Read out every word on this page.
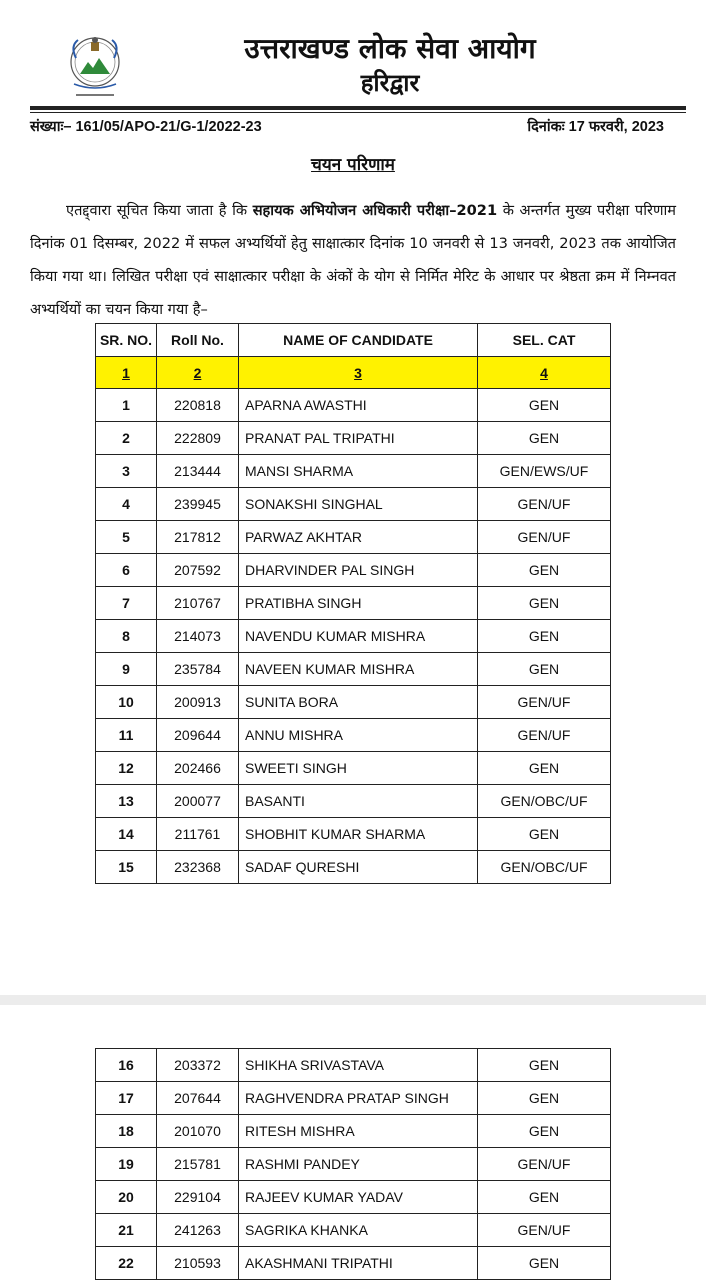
उत्तराखण्ड लोक सेवा आयोग
हरिद्वार
संख्याः– 161/05/APO-21/G-1/2022-23	दिनांकः 17 फरवरी, 2023
चयन परिणाम
एतद्द्वारा सूचित किया जाता है कि सहायक अभियोजन अधिकारी परीक्षा–2021 के अन्तर्गत मुख्य परीक्षा परिणाम दिनांक 01 दिसम्बर, 2022 में सफल अभ्यर्थियों हेतु साक्षात्कार दिनांक 10 जनवरी से 13 जनवरी, 2023 तक आयोजित किया गया था। लिखित परीक्षा एवं साक्षात्कार परीक्षा के अंकों के योग से निर्मित मेरिट के आधार पर श्रेष्ठता क्रम में निम्नवत अभ्यर्थियों का चयन किया गया है–
SR. NO.	Roll No.	NAME OF CANDIDATE	SEL. CAT
1	2	3	4
1	220818	APARNA AWASTHI	GEN
2	222809	PRANAT PAL TRIPATHI	GEN
3	213444	MANSI SHARMA	GEN/EWS/UF
4	239945	SONAKSHI SINGHAL	GEN/UF
5	217812	PARWAZ AKHTAR	GEN/UF
6	207592	DHARVINDER PAL SINGH	GEN
7	210767	PRATIBHA SINGH	GEN
8	214073	NAVENDU KUMAR MISHRA	GEN
9	235784	NAVEEN KUMAR MISHRA	GEN
10	200913	SUNITA BORA	GEN/UF
11	209644	ANNU MISHRA	GEN/UF
12	202466	SWEETI SINGH	GEN
13	200077	BASANTI	GEN/OBC/UF
14	211761	SHOBHIT KUMAR SHARMA	GEN
15	232368	SADAF QURESHI	GEN/OBC/UF
16	203372	SHIKHA SRIVASTAVA	GEN
17	207644	RAGHVENDRA PRATAP SINGH	GEN
18	201070	RITESH MISHRA	GEN
19	215781	RASHMI PANDEY	GEN/UF
20	229104	RAJEEV KUMAR YADAV	GEN
21	241263	SAGRIKA KHANKA	GEN/UF
22	210593	AKASHMANI TRIPATHI	GEN
